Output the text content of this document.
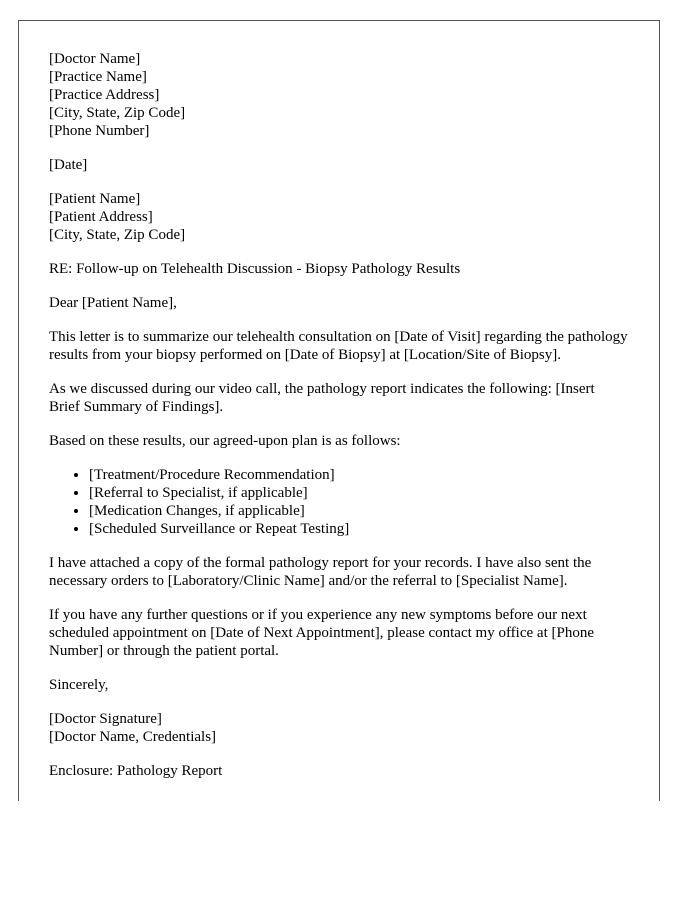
[Doctor Name]
[Practice Name]
[Practice Address]
[City, State, Zip Code]
[Phone Number]
[Date]
[Patient Name]
[Patient Address]
[City, State, Zip Code]

RE: Follow-up on Telehealth Discussion - Biopsy Pathology Results

Dear [Patient Name],

This letter is to summarize our telehealth consultation on [Date of Visit] regarding the pathology results from your biopsy performed on [Date of Biopsy] at [Location/Site of Biopsy].

As we discussed during our video call, the pathology report indicates the following: [Insert Brief Summary of Findings].

Based on these results, our agreed-upon plan is as follows:

• [Treatment/Procedure Recommendation]
• [Referral to Specialist, if applicable]
• [Medication Changes, if applicable]
• [Scheduled Surveillance or Repeat Testing]

I have attached a copy of the formal pathology report for your records. I have also sent the necessary orders to [Laboratory/Clinic Name] and/or the referral to [Specialist Name].

If you have any further questions or if you experience any new symptoms before our next scheduled appointment on [Date of Next Appointment], please contact my office at [Phone Number] or through the patient portal.

Sincerely,

[Doctor Signature]
[Doctor Name, Credentials]

Enclosure: Pathology Report
